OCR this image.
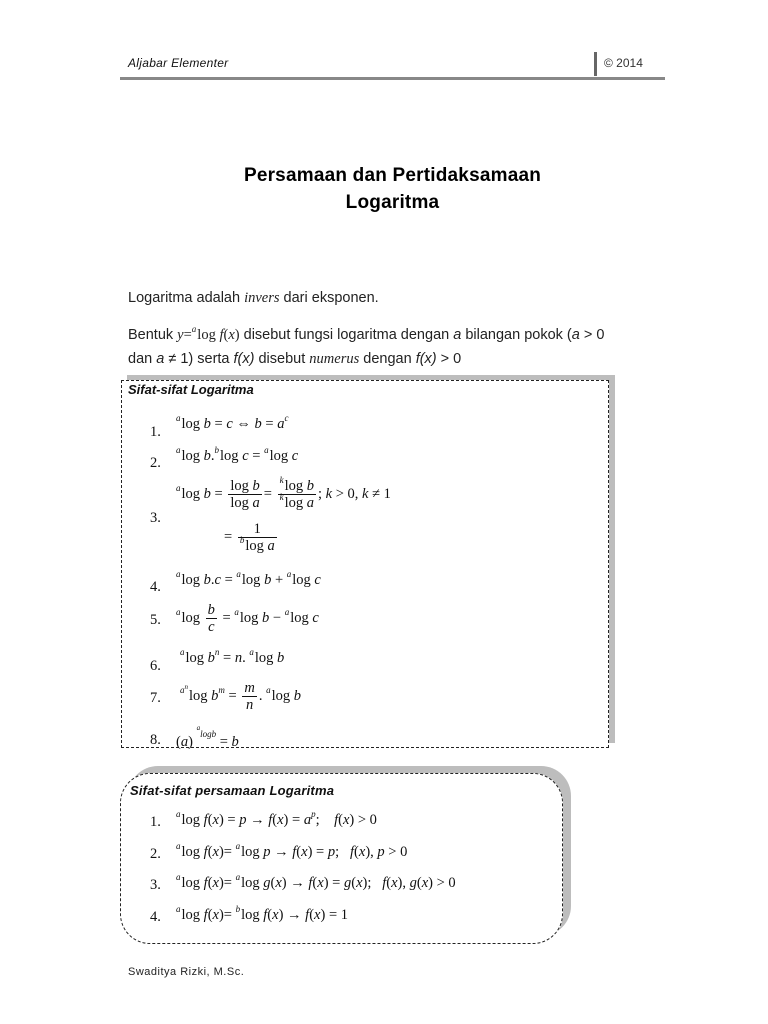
Aljabar Elementer	© 2014
Persamaan dan Pertidaksamaan
Logaritma
Logaritma adalah invers dari eksponen.
Bentuk y=$^a$log f(x) disebut fungsi logaritma dengan a bilangan pokok (a > 0
dan a ≠ 1) serta f(x) disebut numerus dengan f(x) > 0
Sifat-sifat Logaritma
1.
2.
3.
4.
5.
6.
7.
8.
$^a$log b = c ⇔ $b = a^c$
$^a$log b.$^b$log c = $^a$log c
$^a$log $b = \frac{\text{log b}}{\text{log a}} = \frac{^k\log b}{^k\log a}$ ; k > 0, k ≠ 1
= $\frac{1}{^b\log a}$
$^a$log b.c = $^a$log b + $^a$log c
$^a\log \frac{b}{c} = ^a\log$ b − $^a$log c
$^a$log $b^n = n$. $^a$log b
$^{a^n}$log $b^m = \frac{m}{n}$ . $^a$log b
(a) $^{^alogb}$ = b
Sifat-sifat persamaan Logaritma
1.
2.
3.
4.
$^a$log $f(x) = p \to f(x) = a^p$;    f(x) > 0
$^a$log f(x)= $^a$log p → f(x) = p;   f(x), p > 0
$^a$log f(x)= $^a$log g(x) → f(x) = g(x);   f(x), g(x) > 0
$^a$log f(x)= $^b$log f(x) → f(x) = 1
Swaditya Rizki, M.Sc.
